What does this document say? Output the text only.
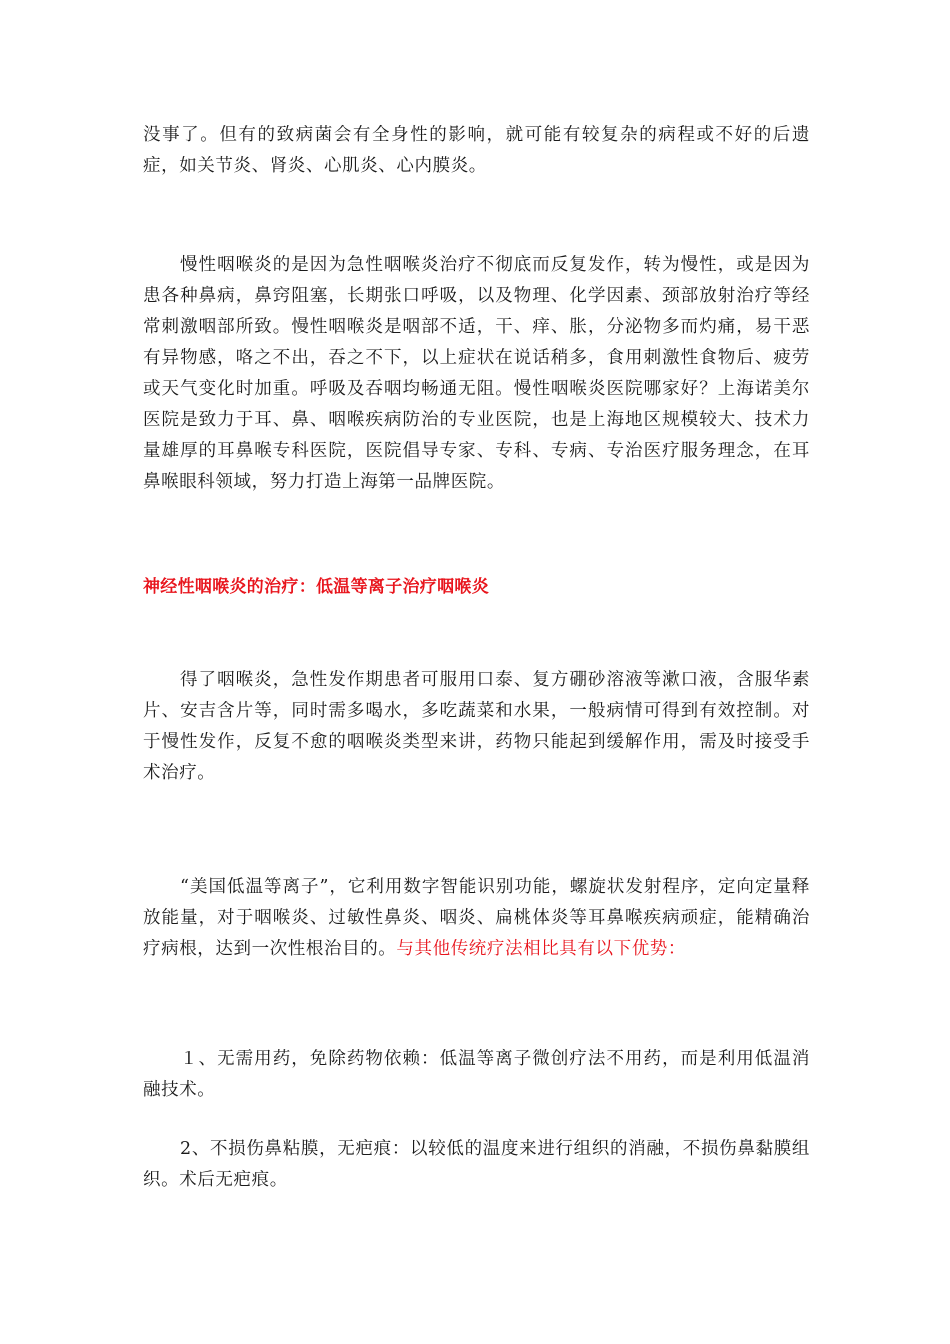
没事了。但有的致病菌会有全身性的影响，就可能有较复杂的病程或不好的后遗症，如关节炎、肾炎、心肌炎、心内膜炎。

慢性咽喉炎的是因为急性咽喉炎治疗不彻底而反复发作，转为慢性，或是因为患各种鼻病，鼻窍阻塞，长期张口呼吸，以及物理、化学因素、颈部放射治疗等经常刺激咽部所致。慢性咽喉炎是咽部不适，干、痒、胀，分泌物多而灼痛，易干恶有异物感，咯之不出，吞之不下，以上症状在说话稍多，食用刺激性食物后、疲劳或天气变化时加重。呼吸及吞咽均畅通无阻。慢性咽喉炎医院哪家好？上海诺美尔医院是致力于耳、鼻、咽喉疾病防治的专业医院，也是上海地区规模较大、技术力量雄厚的耳鼻喉专科医院，医院倡导专家、专科、专病、专治医疗服务理念，在耳鼻喉眼科领域，努力打造上海第一品牌医院。

神经性咽喉炎的治疗：低温等离子治疗咽喉炎

得了咽喉炎，急性发作期患者可服用口泰、复方硼砂溶液等漱口液，含服华素片、安吉含片等，同时需多喝水，多吃蔬菜和水果，一般病情可得到有效控制。对于慢性发作，反复不愈的咽喉炎类型来讲，药物只能起到缓解作用，需及时接受手术治疗。

“美国低温等离子”，它利用数字智能识别功能，螺旋状发射程序，定向定量释放能量，对于咽喉炎、过敏性鼻炎、咽炎、扁桃体炎等耳鼻喉疾病顽症，能精确治疗病根，达到一次性根治目的。与其他传统疗法相比具有以下优势：

１、无需用药，免除药物依赖：低温等离子微创疗法不用药，而是利用低温消融技术。

2、不损伤鼻粘膜，无疤痕：以较低的温度来进行组织的消融，不损伤鼻黏膜组织。术后无疤痕。
